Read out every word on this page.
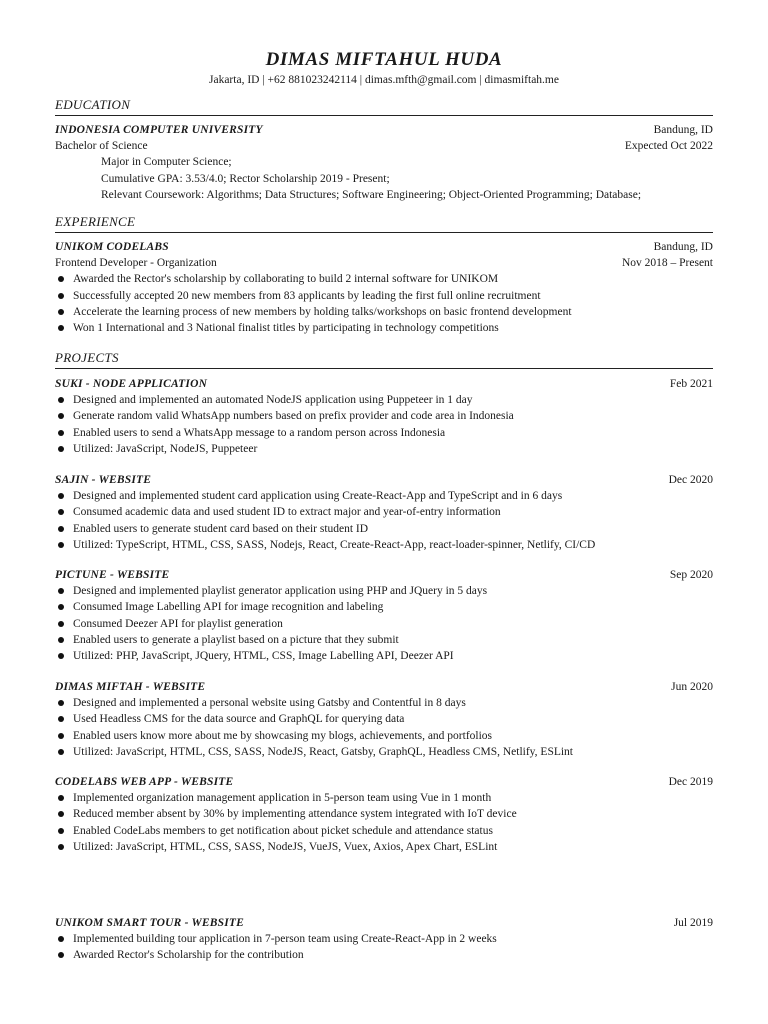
DIMAS MIFTAHUL HUDA
Jakarta, ID | +62 881023242114 | dimas.mfth@gmail.com | dimasmiftah.me
EDUCATION
INDONESIA COMPUTER UNIVERSITY	Bandung, ID
Bachelor of Science	Expected Oct 2022
Major in Computer Science;
Cumulative GPA: 3.53/4.0; Rector Scholarship 2019 - Present;
Relevant Coursework: Algorithms; Data Structures; Software Engineering; Object-Oriented Programming; Database;
EXPERIENCE
UNIKOM CODELABS	Bandung, ID
Frontend Developer - Organization	Nov 2018 – Present
Awarded the Rector's scholarship by collaborating to build 2 internal software for UNIKOM
Successfully accepted 20 new members from 83 applicants by leading the first full online recruitment
Accelerate the learning process of new members by holding talks/workshops on basic frontend development
Won 1 International and 3 National finalist titles by participating in technology competitions
PROJECTS
SUKI - NODE APPLICATION	Feb 2021
Designed and implemented an automated NodeJS application using Puppeteer in 1 day
Generate random valid WhatsApp numbers based on prefix provider and code area in Indonesia
Enabled users to send a WhatsApp message to a random person across Indonesia
Utilized: JavaScript, NodeJS, Puppeteer
SAJIN - WEBSITE	Dec 2020
Designed and implemented student card application using Create-React-App and TypeScript and in 6 days
Consumed academic data and used student ID to extract major and year-of-entry information
Enabled users to generate student card based on their student ID
Utilized: TypeScript, HTML, CSS, SASS, Nodejs, React, Create-React-App, react-loader-spinner, Netlify, CI/CD
PICTUNE - WEBSITE	Sep 2020
Designed and implemented playlist generator application using PHP and JQuery in 5 days
Consumed Image Labelling API for image recognition and labeling
Consumed Deezer API for playlist generation
Enabled users to generate a playlist based on a picture that they submit
Utilized: PHP, JavaScript, JQuery, HTML, CSS, Image Labelling API, Deezer API
DIMAS MIFTAH - WEBSITE	Jun 2020
Designed and implemented a personal website using Gatsby and Contentful in 8 days
Used Headless CMS for the data source and GraphQL for querying data
Enabled users know more about me by showcasing my blogs, achievements, and portfolios
Utilized: JavaScript, HTML, CSS, SASS, NodeJS, React, Gatsby, GraphQL, Headless CMS, Netlify, ESLint
CODELABS WEB APP - WEBSITE	Dec 2019
Implemented organization management application in 5-person team using Vue in 1 month
Reduced member absent by 30% by implementing attendance system integrated with IoT device
Enabled CodeLabs members to get notification about picket schedule and attendance status
Utilized: JavaScript, HTML, CSS, SASS, NodeJS, VueJS, Vuex, Axios, Apex Chart, ESLint
UNIKOM SMART TOUR - WEBSITE	Jul 2019
Implemented building tour application in 7-person team using Create-React-App in 2 weeks
Awarded Rector's Scholarship for the contribution
